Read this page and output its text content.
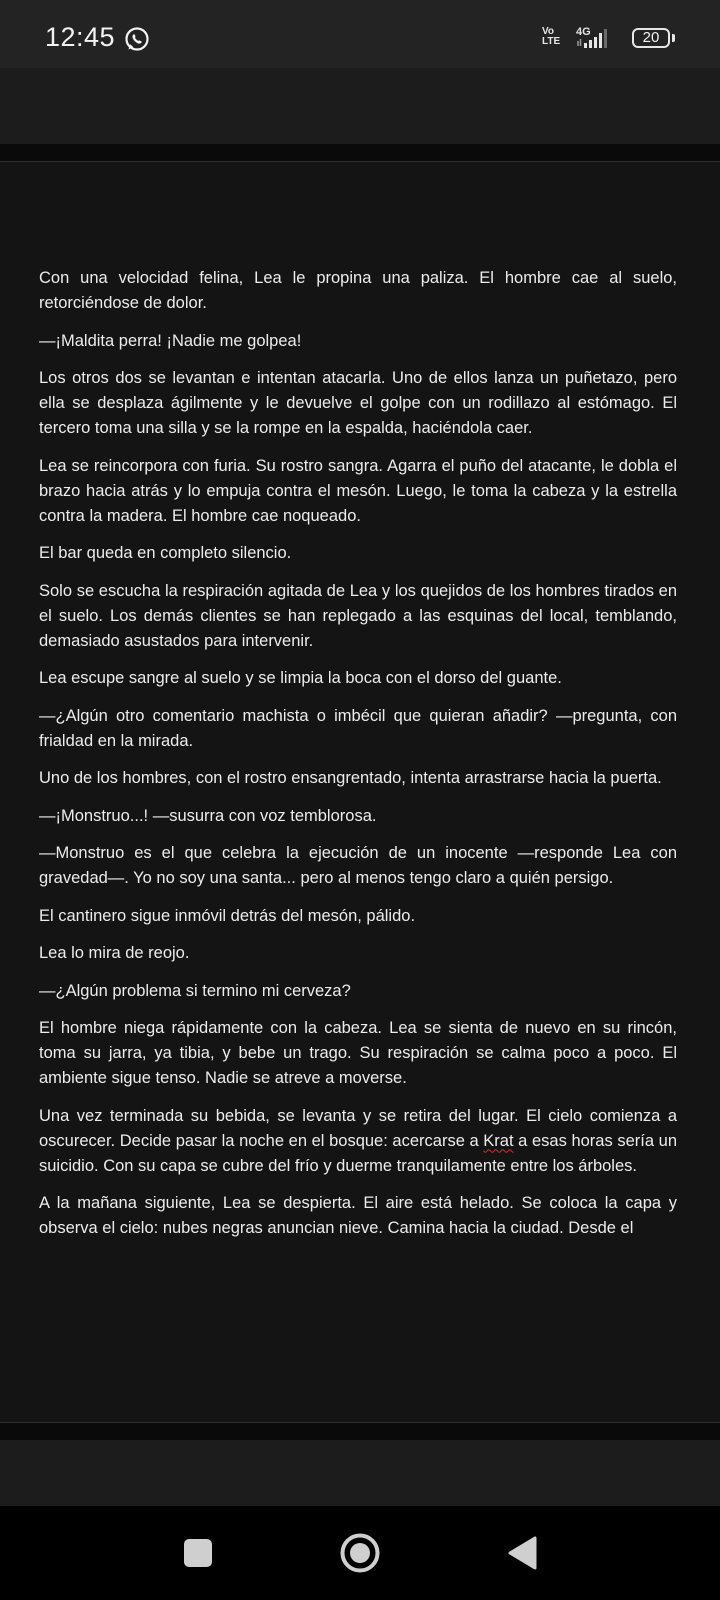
12:45	Vo
LTE
4G	20

Con una velocidad felina, Lea le propina una paliza. El hombre cae al suelo, retorciéndose de dolor.

—¡Maldita perra! ¡Nadie me golpea!

Los otros dos se levantan e intentan atacarla. Uno de ellos lanza un puñetazo, pero ella se desplaza ágilmente y le devuelve el golpe con un rodillazo al estómago. El tercero toma una silla y se la rompe en la espalda, haciéndola caer.

Lea se reincorpora con furia. Su rostro sangra. Agarra el puño del atacante, le dobla el brazo hacia atrás y lo empuja contra el mesón. Luego, le toma la cabeza y la estrella contra la madera. El hombre cae noqueado.

El bar queda en completo silencio.

Solo se escucha la respiración agitada de Lea y los quejidos de los hombres tirados en el suelo. Los demás clientes se han replegado a las esquinas del local, temblando, demasiado asustados para intervenir.

Lea escupe sangre al suelo y se limpia la boca con el dorso del guante.

—¿Algún otro comentario machista o imbécil que quieran añadir? —pregunta, con frialdad en la mirada.

Uno de los hombres, con el rostro ensangrentado, intenta arrastrarse hacia la puerta.

—¡Monstruo...! —susurra con voz temblorosa.

—Monstruo es el que celebra la ejecución de un inocente —responde Lea con gravedad—. Yo no soy una santa... pero al menos tengo claro a quién persigo.

El cantinero sigue inmóvil detrás del mesón, pálido.

Lea lo mira de reojo.

—¿Algún problema si termino mi cerveza?

El hombre niega rápidamente con la cabeza. Lea se sienta de nuevo en su rincón, toma su jarra, ya tibia, y bebe un trago. Su respiración se calma poco a poco. El ambiente sigue tenso. Nadie se atreve a moverse.

Una vez terminada su bebida, se levanta y se retira del lugar. El cielo comienza a oscurecer. Decide pasar la noche en el bosque: acercarse a Krat a esas horas sería un suicidio. Con su capa se cubre del frío y duerme tranquilamente entre los árboles.

A la mañana siguiente, Lea se despierta. El aire está helado. Se coloca la capa y observa el cielo: nubes negras anuncian nieve. Camina hacia la ciudad. Desde el
